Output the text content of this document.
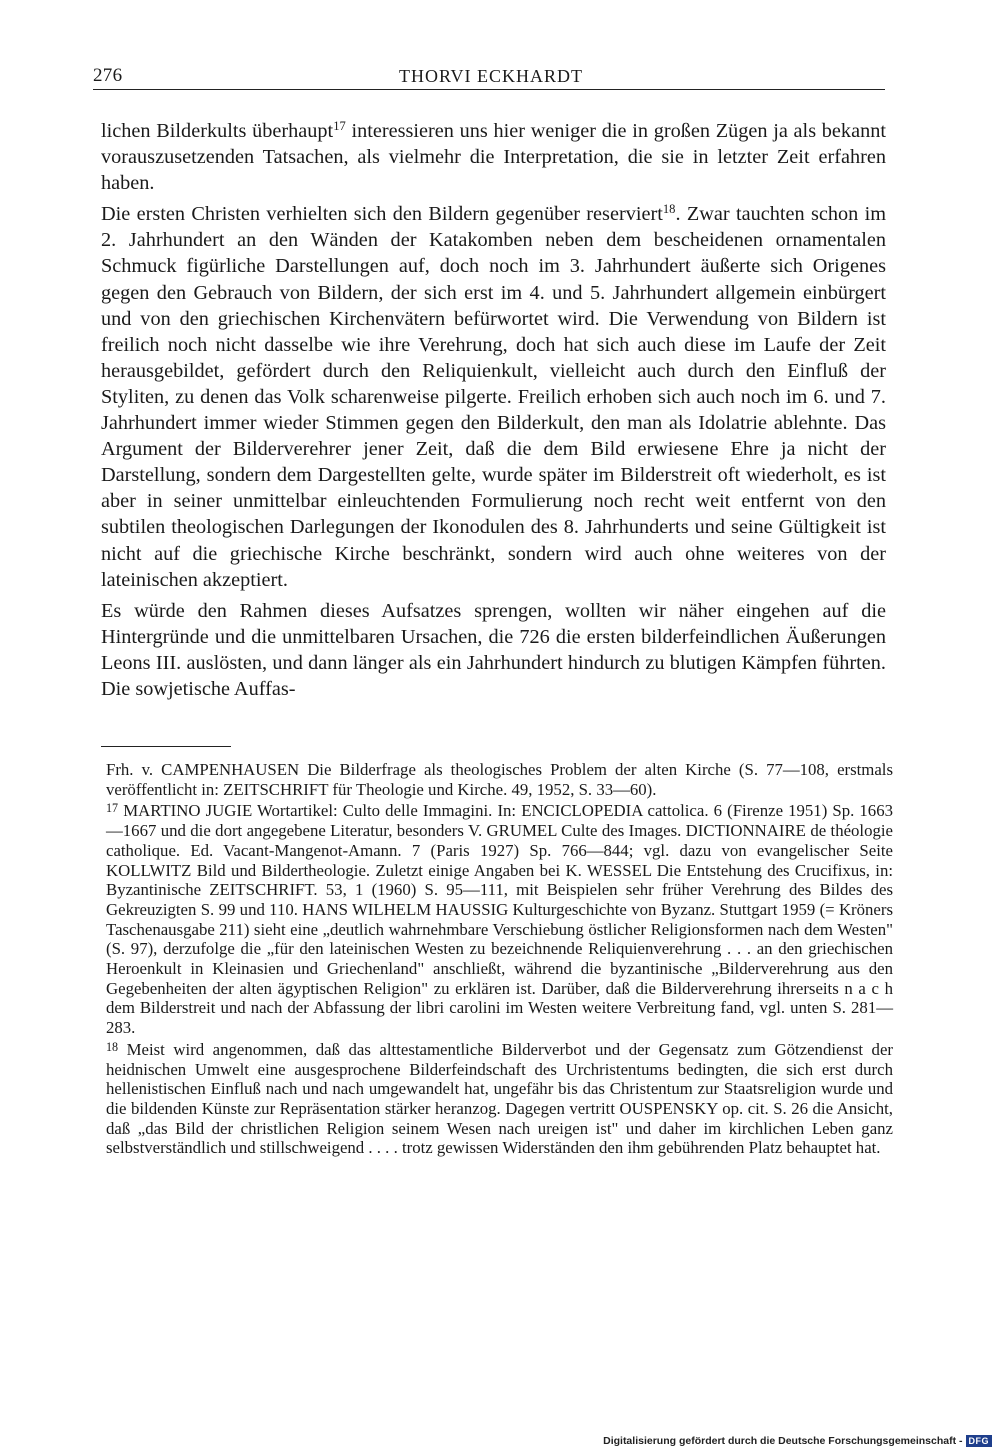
276	THORVI ECKHARDT

lichen Bilderkults überhaupt$^{17}$ interessieren uns hier weniger die in großen Zügen ja als bekannt vorauszusetzenden Tatsachen, als vielmehr die Interpretation, die sie in letzter Zeit erfahren haben.

Die ersten Christen verhielten sich den Bildern gegenüber reserviert$^{18}$. Zwar tauchten schon im 2. Jahrhundert an den Wänden der Katakomben neben dem bescheidenen ornamentalen Schmuck figürliche Darstellungen auf, doch noch im 3. Jahrhundert äußerte sich Origenes gegen den Gebrauch von Bildern, der sich erst im 4. und 5. Jahrhundert allgemein einbürgert und von den griechischen Kirchenvätern befürwortet wird. Die Verwendung von Bildern ist freilich noch nicht dasselbe wie ihre Verehrung, doch hat sich auch diese im Laufe der Zeit herausgebildet, gefördert durch den Reliquienkult, vielleicht auch durch den Einfluß der Styliten, zu denen das Volk scharenweise pilgerte. Freilich erhoben sich auch noch im 6. und 7. Jahrhundert immer wieder Stimmen gegen den Bilderkult, den man als Idolatrie ablehnte. Das Argument der Bilderverehrer jener Zeit, daß die dem Bild erwiesene Ehre ja nicht der Darstellung, sondern dem Dargestellten gelte, wurde später im Bilderstreit oft wiederholt, es ist aber in seiner unmittelbar einleuchtenden Formulierung noch recht weit entfernt von den subtilen theologischen Darlegungen der Ikonodulen des 8. Jahrhunderts und seine Gültigkeit ist nicht auf die griechische Kirche beschränkt, sondern wird auch ohne weiteres von der lateinischen akzeptiert.

Es würde den Rahmen dieses Aufsatzes sprengen, wollten wir näher eingehen auf die Hintergründe und die unmittelbaren Ursachen, die 726 die ersten bilderfeindlichen Äußerungen Leons III. auslösten, und dann länger als ein Jahrhundert hindurch zu blutigen Kämpfen führten. Die sowjetische Auffas-

Frh. v. CAMPENHAUSEN Die Bilderfrage als theologisches Problem der alten Kirche (S. 77—108, erstmals veröffentlicht in: ZEITSCHRIFT für Theologie und Kirche. 49, 1952, S. 33—60).

$^{17}$ MARTINO JUGIE Wortartikel: Culto delle Immagini. In: ENCICLOPEDIA cattolica. 6 (Firenze 1951) Sp. 1663—1667 und die dort angegebene Literatur, besonders V. GRUMEL Culte des Images. DICTIONNAIRE de théologie catholique. Ed. Vacant-Mangenot-Amann. 7 (Paris 1927) Sp. 766—844; vgl. dazu von evangelischer Seite KOLLWITZ Bild und Bildertheologie. Zuletzt einige Angaben bei K. WESSEL Die Entstehung des Crucifixus, in: Byzantinische ZEITSCHRIFT. 53, 1 (1960) S. 95—111, mit Beispielen sehr früher Verehrung des Bildes des Gekreuzigten S. 99 und 110. HANS WILHELM HAUSSIG Kulturgeschichte von Byzanz. Stuttgart 1959 (= Kröners Taschenausgabe 211) sieht eine „deutlich wahrnehmbare Verschiebung östlicher Religionsformen nach dem Westen" (S. 97), derzufolge die „für den lateinischen Westen zu bezeichnende Reliquienverehrung . . . an den griechischen Heroenkult in Kleinasien und Griechenland" anschließt, während die byzantinische „Bilderverehrung aus den Gegebenheiten der alten ägyptischen Religion" zu erklären ist. Darüber, daß die Bilderverehrung ihrerseits n a c h dem Bilderstreit und nach der Abfassung der libri carolini im Westen weitere Verbreitung fand, vgl. unten S. 281—283.

$^{18}$ Meist wird angenommen, daß das alttestamentliche Bilderverbot und der Gegensatz zum Götzendienst der heidnischen Umwelt eine ausgesprochene Bilderfeindschaft des Urchristentums bedingten, die sich erst durch hellenistischen Einfluß nach und nach umgewandelt hat, ungefähr bis das Christentum zur Staatsreligion wurde und die bildenden Künste zur Repräsentation stärker heranzog. Dagegen vertritt OUSPENSKY op. cit. S. 26 die Ansicht, daß „das Bild der christlichen Religion seinem Wesen nach ureigen ist" und daher im kirchlichen Leben ganz selbstverständlich und stillschweigend . . . . trotz gewissen Widerständen den ihm gebührenden Platz behauptet hat.

Digitalisierung gefördert durch die Deutsche Forschungsgemeinschaft - DFG
